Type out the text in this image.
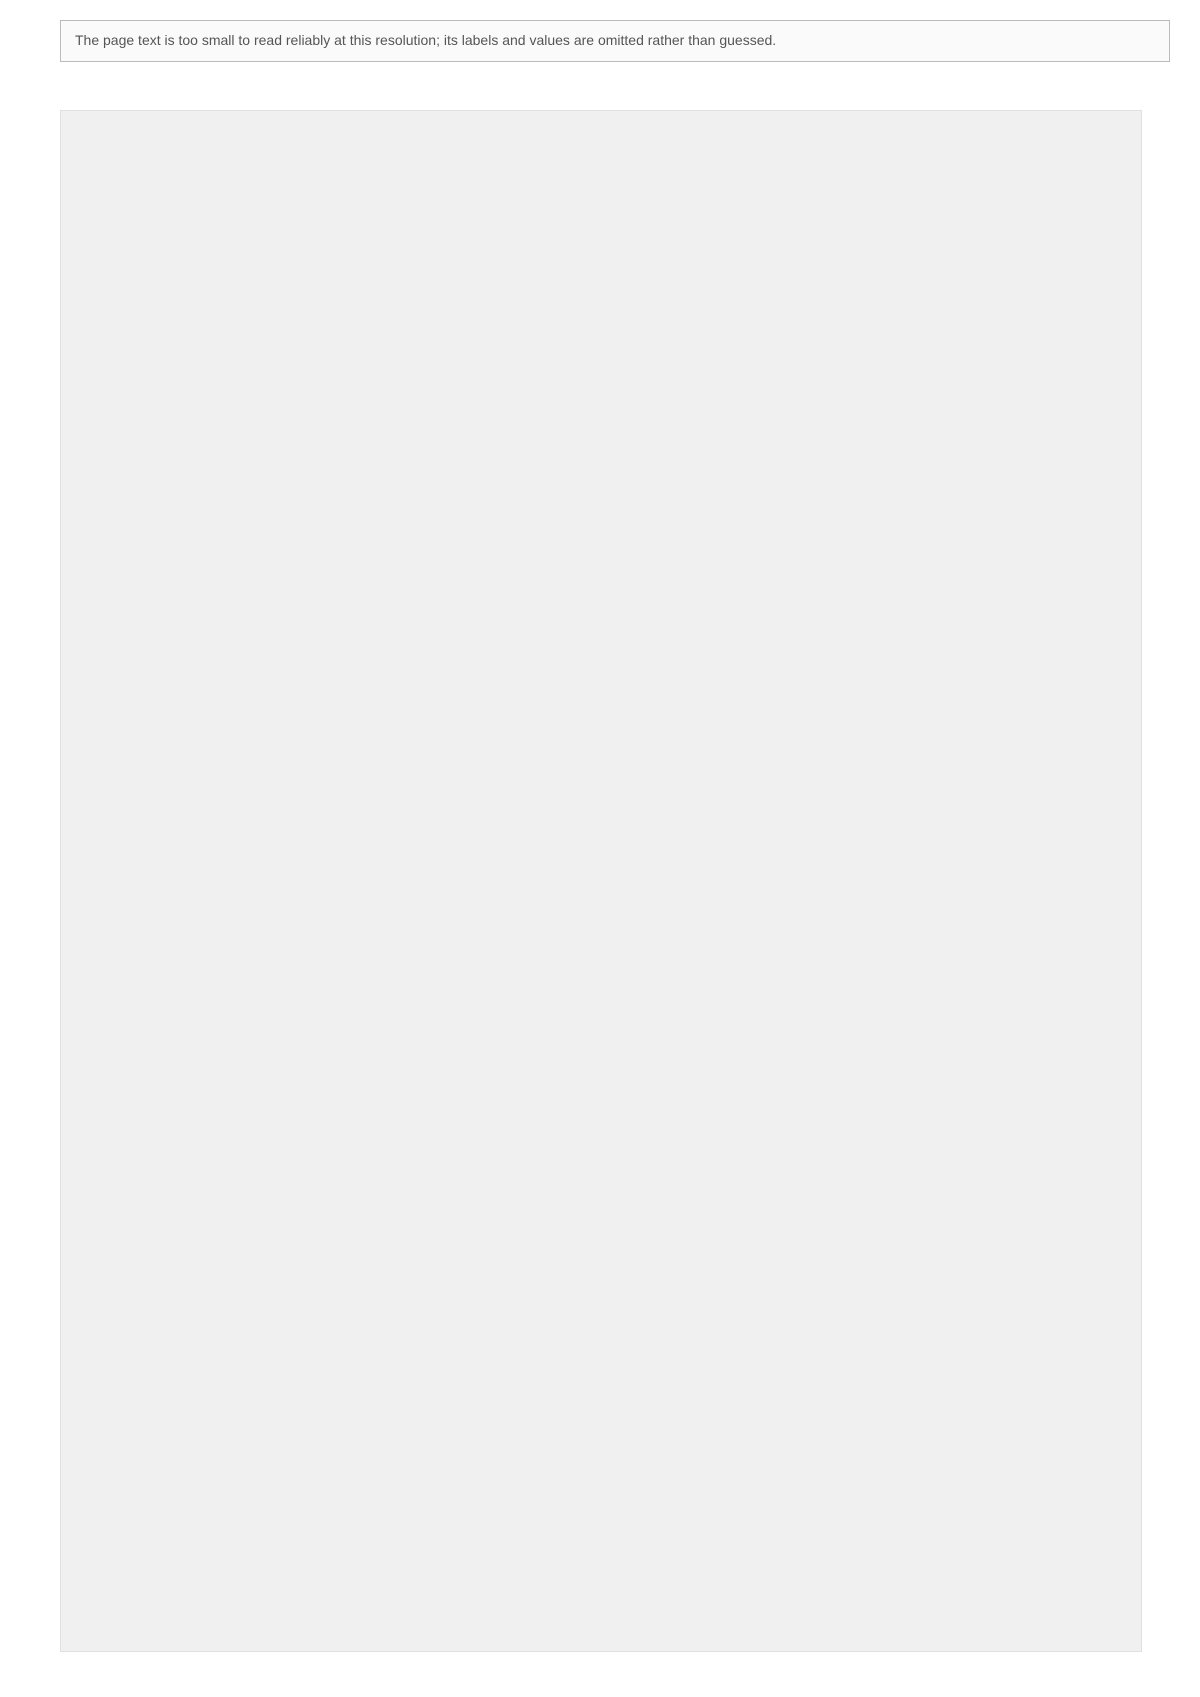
The page text is too small to read reliably at this resolution; its labels and values are omitted rather than guessed.
